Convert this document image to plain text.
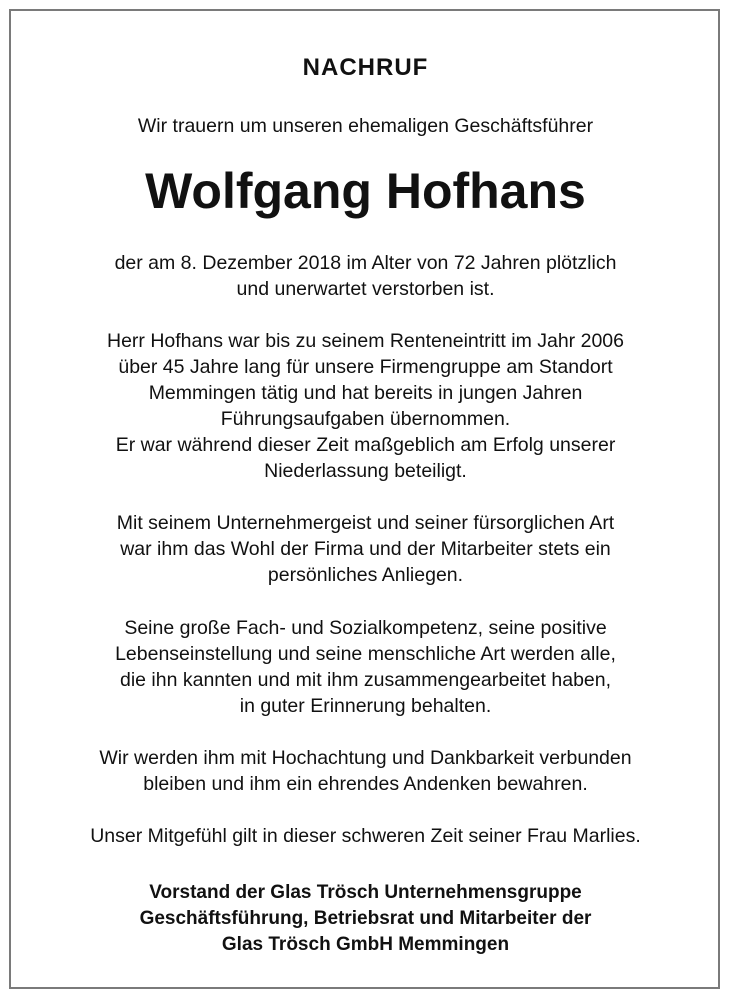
NACHRUF
Wir trauern um unseren ehemaligen Geschäftsführer
Wolfgang Hofhans
der am 8. Dezember 2018 im Alter von 72 Jahren plötzlich
und unerwartet verstorben ist.
Herr Hofhans war bis zu seinem Renteneintritt im Jahr 2006
über 45 Jahre lang für unsere Firmengruppe am Standort
Memmingen tätig und hat bereits in jungen Jahren
Führungsaufgaben übernommen.
Er war während dieser Zeit maßgeblich am Erfolg unserer
Niederlassung beteiligt.
Mit seinem Unternehmergeist und seiner fürsorglichen Art
war ihm das Wohl der Firma und der Mitarbeiter stets ein
persönliches Anliegen.
Seine große Fach- und Sozialkompetenz, seine positive
Lebenseinstellung und seine menschliche Art werden alle,
die ihn kannten und mit ihm zusammengearbeitet haben,
in guter Erinnerung behalten.
Wir werden ihm mit Hochachtung und Dankbarkeit verbunden
bleiben und ihm ein ehrendes Andenken bewahren.
Unser Mitgefühl gilt in dieser schweren Zeit seiner Frau Marlies.
Vorstand der Glas Trösch Unternehmensgruppe
Geschäftsführung, Betriebsrat und Mitarbeiter der
Glas Trösch GmbH Memmingen
